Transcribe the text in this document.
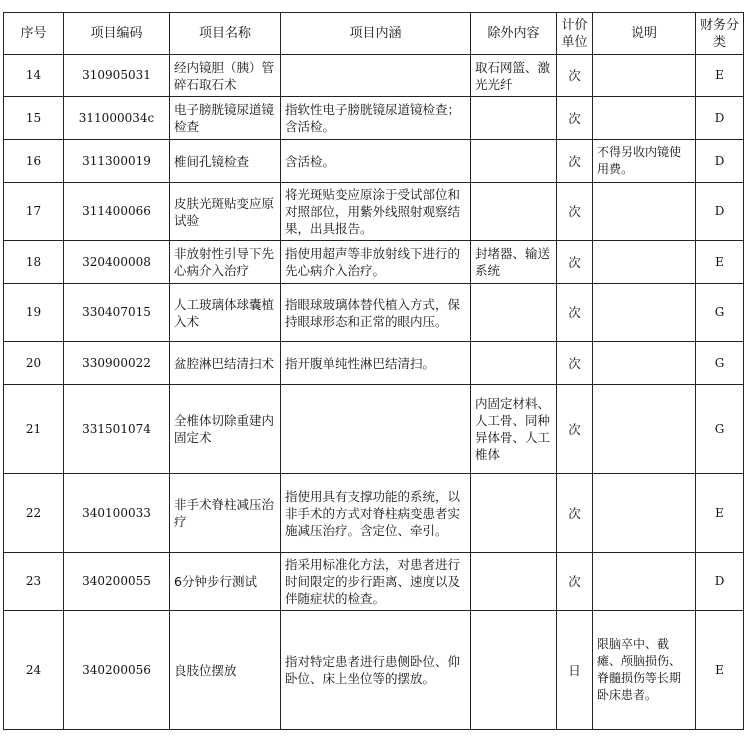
序号	项目编码	项目名称	项目内涵	除外内容	计价单位	说明	财务分类
14	310905031	经内镜胆（胰）管碎石取石术		取石网篮、激光光纤	次		E
15	311000034c	电子膀胱镜尿道镜检查	指软性电子膀胱镜尿道镜检查；含活检。		次		D
16	311300019	椎间孔镜检查	含活检。		次	不得另收内镜使用费。	D
17	311400066	皮肤光斑贴变应原试验	将光斑贴变应原涂于受试部位和对照部位，用紫外线照射观察结果，出具报告。		次		D
18	320400008	非放射性引导下先心病介入治疗	指使用超声等非放射线下进行的先心病介入治疗。	封堵器、输送系统	次		E
19	330407015	人工玻璃体球囊植入术	指眼球玻璃体替代植入方式，保持眼球形态和正常的眼内压。		次		G
20	330900022	盆腔淋巴结清扫术	指开腹单纯性淋巴结清扫。		次		G
21	331501074	全椎体切除重建内固定术		内固定材料、人工骨、同种异体骨、人工椎体	次		G
22	340100033	非手术脊柱减压治疗	指使用具有支撑功能的系统，以非手术的方式对脊柱病变患者实施减压治疗。含定位、牵引。		次		E
23	340200055	6分钟步行测试	指采用标准化方法，对患者进行时间限定的步行距离、速度以及伴随症状的检查。		次		D
24	340200056	良肢位摆放	指对特定患者进行患侧卧位、仰卧位、床上坐位等的摆放。		日	限脑卒中、截瘫、颅脑损伤、脊髓损伤等长期卧床患者。	E
